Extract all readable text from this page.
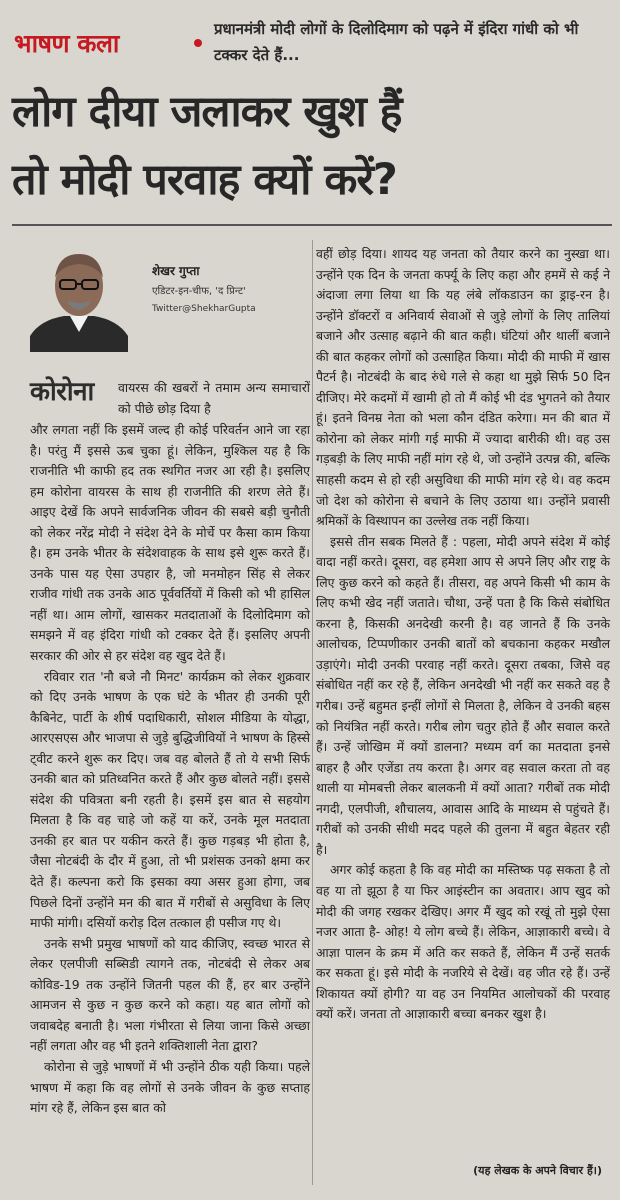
भाषण कला	प्रधानमंत्री मोदी लोगों के दिलोदिमाग को पढ़ने में इंदिरा गांधी को भी टक्कर देते हैं...
लोग दीया जलाकर खुश हैं
तो मोदी परवाह क्यों करें?
शेखर गुप्ता
एडिटर-इन-चीफ, 'द प्रिन्ट'
Twitter@ShekharGupta
कोरोना वायरस की खबरों ने तमाम अन्य समाचारों को पीछे छोड़ दिया है

और लगता नहीं कि इसमें जल्द ही कोई परिवर्तन आने जा रहा है। परंतु मैं इससे ऊब चुका हूं। लेकिन, मुश्किल यह है कि राजनीति भी काफी हद तक स्थगित नजर आ रही है। इसलिए हम कोरोना वायरस के साथ ही राजनीति की शरण लेते हैं। आइए देखें कि अपने सार्वजनिक जीवन की सबसे बड़ी चुनौती को लेकर नरेंद्र मोदी ने संदेश देने के मोर्चे पर कैसा काम किया है। हम उनके भीतर के संदेशवाहक के साथ इसे शुरू करते हैं। उनके पास यह ऐसा उपहार है, जो मनमोहन सिंह से लेकर राजीव गांधी तक उनके आठ पूर्ववर्तियों में किसी को भी हासिल नहीं था। आम लोगों, खासकर मतदाताओं के दिलोदिमाग को समझने में वह इंदिरा गांधी को टक्कर देते हैं। इसलिए अपनी सरकार की ओर से हर संदेश वह खुद देते हैं।

रविवार रात 'नौ बजे नौ मिनट' कार्यक्रम को लेकर शुक्रवार को दिए उनके भाषण के एक घंटे के भीतर ही उनकी पूरी कैबिनेट, पार्टी के शीर्ष पदाधिकारी, सोशल मीडिया के योद्धा, आरएसएस और भाजपा से जुड़े बुद्धिजीवियों ने भाषण के हिस्से ट्‌वीट करने शुरू कर दिए। जब वह बोलते हैं तो ये सभी सिर्फ उनकी बात को प्रतिध्वनित करते हैं और कुछ बोलते नहीं। इससे संदेश की पवित्रता बनी रहती है। इसमें इस बात से सहयोग मिलता है कि वह चाहे जो कहें या करें, उनके मूल मतदाता उनकी हर बात पर यकीन करते हैं। कुछ गड़बड़ भी होता है, जैसा नोटबंदी के दौर में हुआ, तो भी प्रशंसक उनको क्षमा कर देते हैं। कल्पना करो कि इसका क्या असर हुआ होगा, जब पिछले दिनों उन्होंने मन की बात में गरीबों से असुविधा के लिए माफी मांगी। दसियों करोड़ दिल तत्काल ही पसीज गए थे।

उनके सभी प्रमुख भाषणों को याद कीजिए, स्वच्छ भारत से लेकर एलपीजी सब्सिडी त्यागने तक, नोटबंदी से लेकर अब कोविड-19 तक उन्होंने जितनी पहल की हैं, हर बार उन्होंने आमजन से कुछ न कुछ करने को कहा। यह बात लोगों को जवाबदेह बनाती है। भला गंभीरता से लिया जाना किसे अच्छा नहीं लगता और वह भी इतने शक्तिशाली नेता द्वारा?

कोरोना से जुड़े भाषणों में भी उन्होंने ठीक यही किया। पहले भाषण में कहा कि वह लोगों से उनके जीवन के कुछ सप्ताह मांग रहे हैं, लेकिन इस बात को

वहीं छोड़ दिया। शायद यह जनता को तैयार करने का नुस्खा था। उन्होंने एक दिन के जनता कर्फ्यू के लिए कहा और हममें से कई ने अंदाजा लगा लिया था कि यह लंबे लॉकडाउन का ड्राइ-रन है। उन्होंने डॉक्टरों व अनिवार्य सेवाओं से जुड़े लोगों के लिए तालियां बजाने और उत्साह बढ़ाने की बात कही। घंटियां और थालीं बजाने की बात कहकर लोगों को उत्साहित किया। मोदी की माफी में खास पैटर्न है। नोटबंदी के बाद रुंधे गले से कहा था मुझे सिर्फ 50 दिन दीजिए। मेरे कदमों में खामी हो तो मैं कोई भी दंड भुगतने को तैयार हूं। इतने विनम्र नेता को भला कौन दंडित करेगा। मन की बात में कोरोना को लेकर मांगी गई माफी में ज्यादा बारीकी थी। वह उस गड़बड़ी के लिए माफी नहीं मांग रहे थे, जो उन्होंने उत्पन्न की, बल्कि साहसी कदम से हो रही असुविधा की माफी मांग रहे थे। वह कदम जो देश को कोरोना से बचाने के लिए उठाया था। उन्होंने प्रवासी श्रमिकों के विस्थापन का उल्लेख तक नहीं किया।

इससे तीन सबक मिलते हैं : पहला, मोदी अपने संदेश में कोई वादा नहीं करते। दूसरा, वह हमेशा आप से अपने लिए और राष्ट्र के लिए कुछ करने को कहते हैं। तीसरा, वह अपने किसी भी काम के लिए कभी खेद नहीं जताते। चौथा, उन्हें पता है कि किसे संबोधित करना है, किसकी अनदेखी करनी है। वह जानते हैं कि उनके आलोचक, टिप्पणीकार उनकी बातों को बचकाना कहकर मखौल उड़ाएंगे। मोदी उनकी परवाह नहीं करते। दूसरा तबका, जिसे वह संबोधित नहीं कर रहे हैं, लेकिन अनदेखी भी नहीं कर सकते वह है गरीब। उन्हें बहुमत इन्हीं लोगों से मिलता है, लेकिन वे उनकी बहस को नियंत्रित नहीं करते। गरीब लोग चतुर होते हैं और सवाल करते हैं। उन्हें जोखिम में क्यों डालना? मध्यम वर्ग का मतदाता इनसे बाहर है और एजेंडा तय करता है। अगर वह सवाल करता तो वह थाली या मोमबत्ती लेकर बालकनी में क्यों आता? गरीबों तक मोदी नगदी, एलपीजी, शौचालय, आवास आदि के माध्यम से पहुंचते हैं। गरीबों को उनकी सीधी मदद पहले की तुलना में बहुत बेहतर रही है।

अगर कोई कहता है कि वह मोदी का मस्तिष्क पढ़ सकता है तो वह या तो झूठा है या फिर आइंस्टीन का अवतार। आप खुद को मोदी की जगह रखकर देखिए। अगर मैं खुद को रखूं तो मुझे ऐसा नजर आता है- ओह! ये लोग बच्चे हैं। लेकिन, आज्ञाकारी बच्चे। वे आज्ञा पालन के क्रम में अति कर सकते हैं, लेकिन मैं उन्हें सतर्क कर सकता हूं। इसे मोदी के नजरिये से देखें। वह जीत रहे हैं। उन्हें शिकायत क्यों होगी? या वह उन नियमित आलोचकों की परवाह क्यों करें। जनता तो आज्ञाकारी बच्चा बनकर खुश है।

(यह लेखक के अपने विचार हैं।)
